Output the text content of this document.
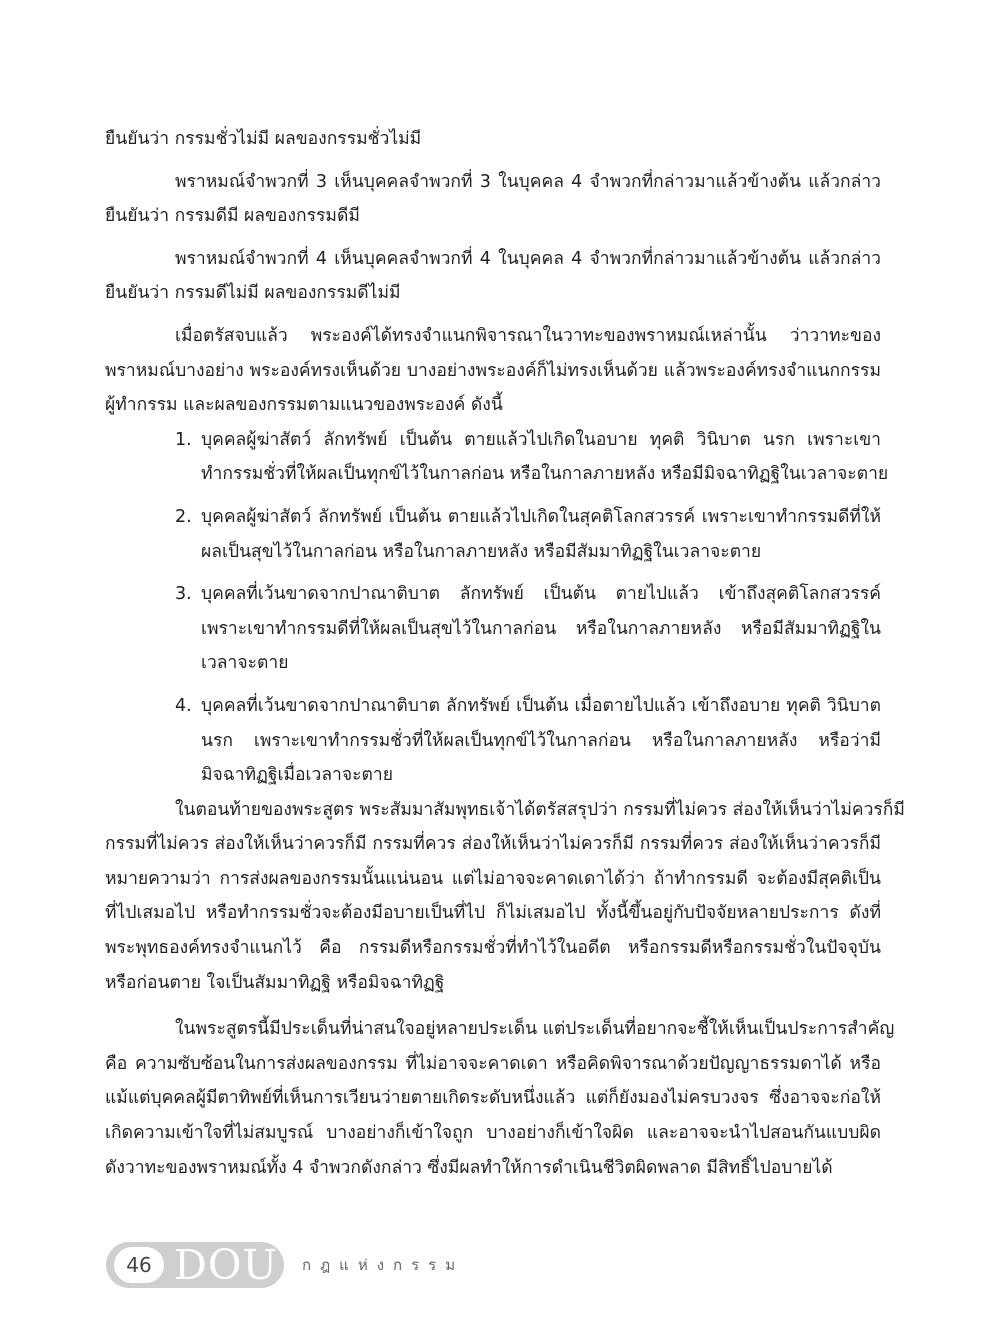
ยืนยันว่า กรรมชั่วไม่มี ผลของกรรมชั่วไม่มี
พราหมณ์จำพวกที่ 3 เห็นบุคคลจำพวกที่ 3 ในบุคคล 4 จำพวกที่กล่าวมาแล้วข้างต้น แล้วกล่าว
ยืนยันว่า กรรมดีมี ผลของกรรมดีมี
พราหมณ์จำพวกที่ 4 เห็นบุคคลจำพวกที่ 4 ในบุคคล 4 จำพวกที่กล่าวมาแล้วข้างต้น แล้วกล่าว
ยืนยันว่า กรรมดีไม่มี ผลของกรรมดีไม่มี
เมื่อตรัสจบแล้ว พระองค์ได้ทรงจำแนกพิจารณาในวาทะของพราหมณ์เหล่านั้น ว่าวาทะของ
พราหมณ์บางอย่าง พระองค์ทรงเห็นด้วย บางอย่างพระองค์ก็ไม่ทรงเห็นด้วย แล้วพระองค์ทรงจำแนกกรรม
ผู้ทำกรรม และผลของกรรมตามแนวของพระองค์ ดังนี้
1. บุคคลผู้ฆ่าสัตว์ ลักทรัพย์ เป็นต้น ตายแล้วไปเกิดในอบาย ทุคติ วินิบาต นรก เพราะเขา
ทำกรรมชั่วที่ให้ผลเป็นทุกข์ไว้ในกาลก่อน หรือในกาลภายหลัง หรือมีมิจฉาทิฏฐิในเวลาจะตาย
2. บุคคลผู้ฆ่าสัตว์ ลักทรัพย์ เป็นต้น ตายแล้วไปเกิดในสุคติโลกสวรรค์ เพราะเขาทำกรรมดีที่ให้
ผลเป็นสุขไว้ในกาลก่อน หรือในกาลภายหลัง หรือมีสัมมาทิฏฐิในเวลาจะตาย
3. บุคคลที่เว้นขาดจากปาณาติบาต ลักทรัพย์ เป็นต้น ตายไปแล้ว เข้าถึงสุคติโลกสวรรค์
เพราะเขาทำกรรมดีที่ให้ผลเป็นสุขไว้ในกาลก่อน หรือในกาลภายหลัง หรือมีสัมมาทิฏฐิใน
เวลาจะตาย
4. บุคคลที่เว้นขาดจากปาณาติบาต ลักทรัพย์ เป็นต้น เมื่อตายไปแล้ว เข้าถึงอบาย ทุคติ วินิบาต
นรก เพราะเขาทำกรรมชั่วที่ให้ผลเป็นทุกข์ไว้ในกาลก่อน หรือในกาลภายหลัง หรือว่ามี
มิจฉาทิฏฐิเมื่อเวลาจะตาย
ในตอนท้ายของพระสูตร พระสัมมาสัมพุทธเจ้าได้ตรัสสรุปว่า กรรมที่ไม่ควร ส่องให้เห็นว่าไม่ควรก็มี
กรรมที่ไม่ควร ส่องให้เห็นว่าควรก็มี กรรมที่ควร ส่องให้เห็นว่าไม่ควรก็มี กรรมที่ควร ส่องให้เห็นว่าควรก็มี
หมายความว่า การส่งผลของกรรมนั้นแน่นอน แต่ไม่อาจจะคาดเดาได้ว่า ถ้าทำกรรมดี จะต้องมีสุคติเป็น
ที่ไปเสมอไป หรือทำกรรมชั่วจะต้องมีอบายเป็นที่ไป ก็ไม่เสมอไป ทั้งนี้ขึ้นอยู่กับปัจจัยหลายประการ ดังที่
พระพุทธองค์ทรงจำแนกไว้ คือ กรรมดีหรือกรรมชั่วที่ทำไว้ในอดีต หรือกรรมดีหรือกรรมชั่วในปัจจุบัน
หรือก่อนตาย ใจเป็นสัมมาทิฏฐิ หรือมิจฉาทิฏฐิ
ในพระสูตรนี้มีประเด็นที่น่าสนใจอยู่หลายประเด็น แต่ประเด็นที่อยากจะชี้ให้เห็นเป็นประการสำคัญ
คือ ความซับซ้อนในการส่งผลของกรรม ที่ไม่อาจจะคาดเดา หรือคิดพิจารณาด้วยปัญญาธรรมดาได้ หรือ
แม้แต่บุคคลผู้มีตาทิพย์ที่เห็นการเวียนว่ายตายเกิดระดับหนึ่งแล้ว แต่ก็ยังมองไม่ครบวงจร ซึ่งอาจจะก่อให้
เกิดความเข้าใจที่ไม่สมบูรณ์ บางอย่างก็เข้าใจถูก บางอย่างก็เข้าใจผิด และอาจจะนำไปสอนกันแบบผิด
ดังวาทะของพราหมณ์ทั้ง 4 จำพวกดังกล่าว ซึ่งมีผลทำให้การดำเนินชีวิตผิดพลาด มีสิทธิ์ไปอบายได้
46 DOU กฎแห่งกรรม
